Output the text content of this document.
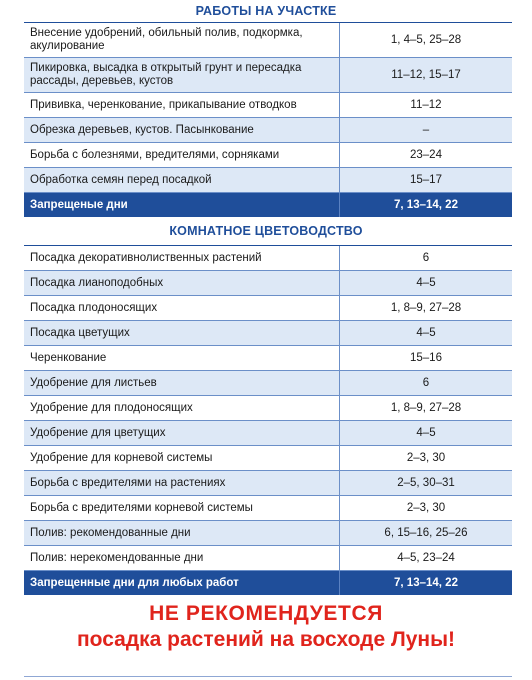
РАБОТЫ НА УЧАСТКЕ
Внесение удобрений, обильный полив, подкормка, акулирование	1, 4–5, 25–28
Пикировка, высадка в открытый грунт и пересадка рассады, деревьев, кустов	11–12, 15–17
Прививка, черенкование, прикапывание отводков	11–12
Обрезка деревьев, кустов. Пасынкование	–
Борьба с болезнями, вредителями, сорняками	23–24
Обработка семян перед посадкой	15–17
Запрещеные дни	7, 13–14, 22
КОМНАТНОЕ ЦВЕТОВОДСТВО
Посадка декоративнолиственных растений	6
Посадка лианоподобных	4–5
Посадка плодоносящих	1, 8–9, 27–28
Посадка цветущих	4–5
Черенкование	15–16
Удобрение для листьев	6
Удобрение для плодоносящих	1, 8–9, 27–28
Удобрение для цветущих	4–5
Удобрение для корневой системы	2–3, 30
Борьба с вредителями на растениях	2–5, 30–31
Борьба с вредителями корневой системы	2–3, 30
Полив: рекомендованные дни	6, 15–16, 25–26
Полив: нерекомендованные дни	4–5, 23–24
Запрещенные дни для любых работ	7, 13–14, 22
НЕ РЕКОМЕНДУЕТСЯ
посадка растений на восходе Луны!
